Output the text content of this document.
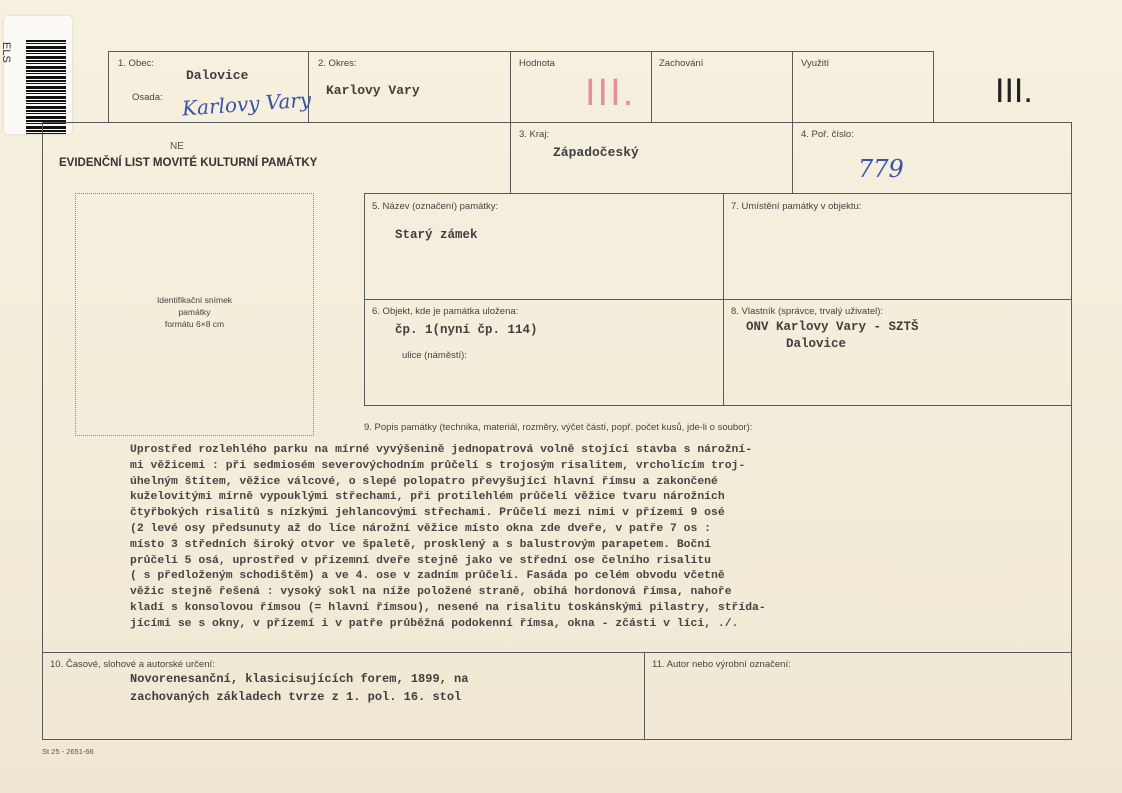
ELS
1. Obec:
Dalovice
Osada: Karlovy Vary
2. Okres:
Karlovy Vary
Hodnota
III.
Zachování	Využití
III.
NE
EVIDENČNÍ LIST MOVITÉ KULTURNÍ PAMÁTKY
3. Kraj:
Západočeský
4. Poř. číslo:
779
Identifikační snímek
památky
formátu 6×8 cm
5. Název (označení) památky:
Starý zámek
7. Umístění památky v objektu:
6. Objekt, kde je památka uložena:
čp. 1(nyní čp. 114)
ulice (náměstí):
8. Vlastník (správce, trvalý uživatel):
ONV Karlovy Vary - SZTŠ
Dalovice
9. Popis památky (technika, materiál, rozměry, výčet částí, popř. počet kusů, jde-li o soubor):
Uprostřed rozlehlého parku na mírné vyvýšenině jednopatrová volně stojící stavba s nárožní-
mi věžicemi : při sedmiosém severovýchodním průčelí s trojosým risalitem, vrcholícím troj-
úhelným štítem, věžice válcové, o slepé polopatro převyšující hlavní římsu a zakončené
kuželovitými mírně vypouklými střechami, při protilehlém průčelí věžice tvaru nárožních
čtyřbokých risalitů s nízkými jehlancovými střechami. Průčelí mezi nimi v přízemí 9 osé
(2 levé osy předsunuty až do líce nárožní věžice místo okna zde dveře, v patře 7 os :
místo 3 středních široký otvor ve špaletě, prosklený a s balustrovým parapetem. Boční
průčelí 5 osá, uprostřed v přízemní dveře stejně jako ve střední ose čelního risalitu
( s předloženým schodištěm) a ve 4. ose v zadním průčelí. Fasáda po celém obvodu včetně
věžic stejně řešená : vysoký sokl na níže položené straně, obíhá hordonová římsa, nahoře
kladí s konsolovou římsou (= hlavní římsou), nesené na risalitu toskánskými pilastry, střída-
jícími se s okny, v přízemí i v patře průběžná podokenní římsa, okna - zčásti v líci, ./.
10. Časové, slohové a autorské určení:
Novorenesanční, klasicisujících forem, 1899, na
zachovaných základech tvrze z 1. pol. 16. stol
11. Autor nebo výrobní označení:
St 25 - 2651-66
